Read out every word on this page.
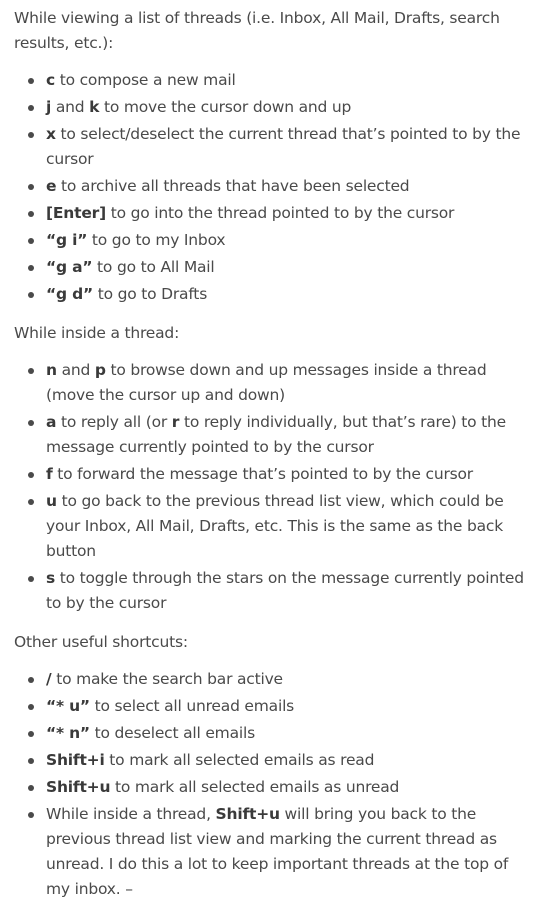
While viewing a list of threads (i.e. Inbox, All Mail, Drafts, search results, etc.):

c to compose a new mail
j and k to move the cursor down and up
x to select/deselect the current thread that’s pointed to by the cursor
e to archive all threads that have been selected
[Enter] to go into the thread pointed to by the cursor
“g i” to go to my Inbox
“g a” to go to All Mail
“g d” to go to Drafts

While inside a thread:

n and p to browse down and up messages inside a thread (move the cursor up and down)
a to reply all (or r to reply individually, but that’s rare) to the message currently pointed to by the cursor
f to forward the message that’s pointed to by the cursor
u to go back to the previous thread list view, which could be your Inbox, All Mail, Drafts, etc. This is the same as the back button
s to toggle through the stars on the message currently pointed to by the cursor

Other useful shortcuts:

/ to make the search bar active
“* u” to select all unread emails
“* n” to deselect all emails
Shift+i to mark all selected emails as read
Shift+u to mark all selected emails as unread
While inside a thread, Shift+u will bring you back to the previous thread list view and marking the current thread as unread. I do this a lot to keep important threads at the top of my inbox. –
